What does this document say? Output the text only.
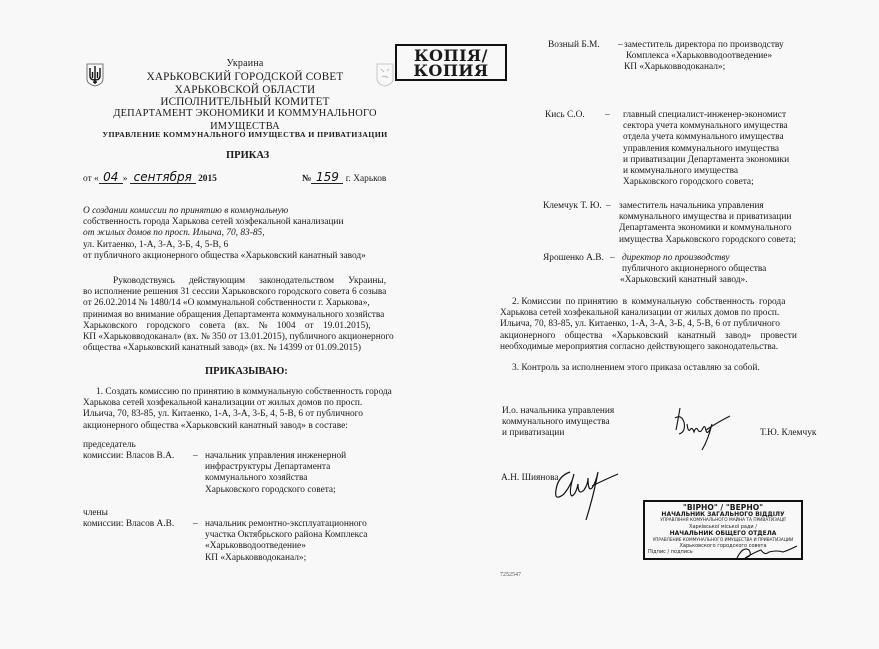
Украина
ХАРЬКОВСКИЙ ГОРОДСКОЙ СОВЕТ
ХАРЬКОВСКОЙ ОБЛАСТИ
ИСПОЛНИТЕЛЬНЫЙ КОМИТЕТ
ДЕПАРТАМЕНТ ЭКОНОМИКИ И КОММУНАЛЬНОГО ИМУЩЕСТВА
УПРАВЛЕНИЕ КОММУНАЛЬНОГО ИМУЩЕСТВА И ПРИВАТИЗАЦИИ
КОПІЯ/
КОПИЯ
ПРИКАЗ
от « 04 » сентября 2015	№ 159 г. Харьков
О создании комиссии по принятию в коммунальную
собственность города Харькова сетей хозфекальной канализации
от жилых домов по просп. Ильича, 70, 83-85,
ул. Китаенко, 1-А, 3-А, 3-Б, 4, 5-В, 6
от публичного акционерного общества «Харьковский канатный завод»
Руководствуясь      действующим      законодательством      Украины,
во исполнение решения 31 сессии Харьковского городского совета 6 созыва
от 26.02.2014 № 1480/14 «О коммунальной собственности г. Харькова»,
принимая во внимание обращения Департамента коммунального хозяйства
Харьковского    городского    совета    (вх.    №    1004    от    19.01.2015),
КП «Харьковводоканал» (вх. № 350 от 13.01.2015), публичного акционерного
общества «Харьковский канатный завод» (вх. № 14399 от 01.09.2015)
ПРИКАЗЫВАЮ:
1. Создать комиссию по принятию в коммунальную собственность города
Харькова сетей хозфекальной канализации от жилых домов по просп.
Ильича, 70, 83-85, ул. Китаенко, 1-А, 3-А, 3-Б, 4, 5-В, 6 от публичного
акционерного общества «Харьковский канатный завод» в составе:
председатель
комиссии: Власов В.А. – начальник управления инженерной
инфраструктуры Департамента
коммунального хозяйства
Харьковского городского совета;
члены
комиссии: Власов А.В. – начальник ремонтно-эксплуатационного
участка Октябрьского района Комплекса
«Харьковводоотведение»
КП «Харьковводоканал»;
Возный Б.М. – заместитель директора по производству
Комплекса «Харьковводоотведение»
КП «Харьковводоканал»;
Кись С.О. – главный специалист-инженер-экономист
сектора учета коммунального имущества
отдела учета коммунального имущества
управления коммунального имущества
и приватизации Департамента экономики
и коммунального имущества
Харьковского городского совета;
Клемчук Т. Ю. – заместитель начальника управления
коммунального имущества и приватизации
Департамента экономики и коммунального
имущества Харьковского городского совета;
Ярошенко А.В. – директор по производству
публичного акционерного общества
«Харьковский канатный завод».
2. Комиссии  по принятию  в  коммунальную  собственность  города
Харькова сетей хозфекальной канализации от жилых домов по просп.
Ильича, 70, 83-85, ул. Китаенко, 1-А, 3-А, 3-Б, 4, 5-В, 6 от публичного
акционерного    общества    «Харьковский    канатный    завод»    провести
необходимые мероприятия согласно действующего законодательства.
3. Контроль за исполнением этого приказа оставляю за собой.
И.о. начальника управления
коммунального имущества
и приватизации	Т.Ю. Клемчук
А.Н. Шиянова
7252547
"ВІРНО" / "ВЕРНО"
НАЧАЛЬНИК ЗАГАЛЬНОГО ВІДДІЛУ
УПРАВЛІННЯ КОМУНАЛЬНОГО МАЙНА ТА ПРИВАТИЗАЦІЇ
Харківської міської ради /
НАЧАЛЬНИК ОБЩЕГО ОТДЕЛА
УПРАВЛЕНИЕ КОММУНАЛЬНОГО ИМУЩЕСТВА И ПРИВАТИЗАЦИИ
Харьковского городского совета
Підпис / подпись
